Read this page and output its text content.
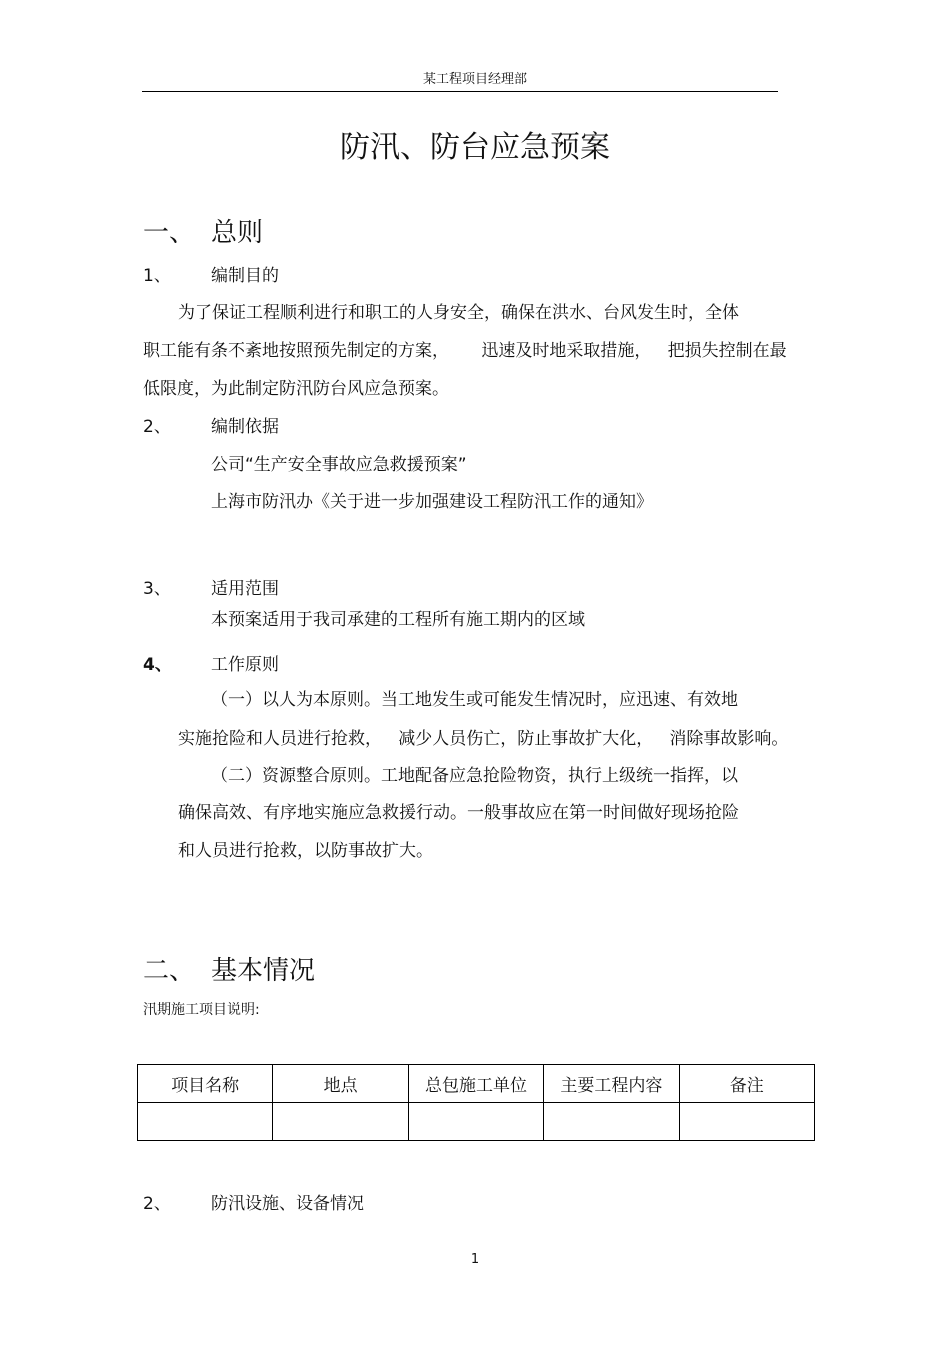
某工程项目经理部
防汛、防台应急预案
一、 总则
1、 编制目的
为了保证工程顺利进行和职工的人身安全，确保在洪水、台风发生时，全体
职工能有条不紊地按照预先制定的方案，      迅速及时地采取措施，   把损失控制在最
低限度，为此制定防汛防台风应急预案。
2、 编制依据
公司“生产安全事故应急救援预案”
上海市防汛办《关于进一步加强建设工程防汛工作的通知》
3、 适用范围
本预案适用于我司承建的工程所有施工期内的区域
4、 工作原则
（一）以人为本原则。当工地发生或可能发生情况时，应迅速、有效地
实施抢险和人员进行抢救，   减少人员伤亡，防止事故扩大化，   消除事故影响。
（二）资源整合原则。工地配备应急抢险物资，执行上级统一指挥，以
确保高效、有序地实施应急救援行动。一般事故应在第一时间做好现场抢险
和人员进行抢救，以防事故扩大。
二、 基本情况
汛期施工项目说明:
项目名称	地点	总包施工单位	主要工程内容	备注

2、 防汛设施、设备情况
1
